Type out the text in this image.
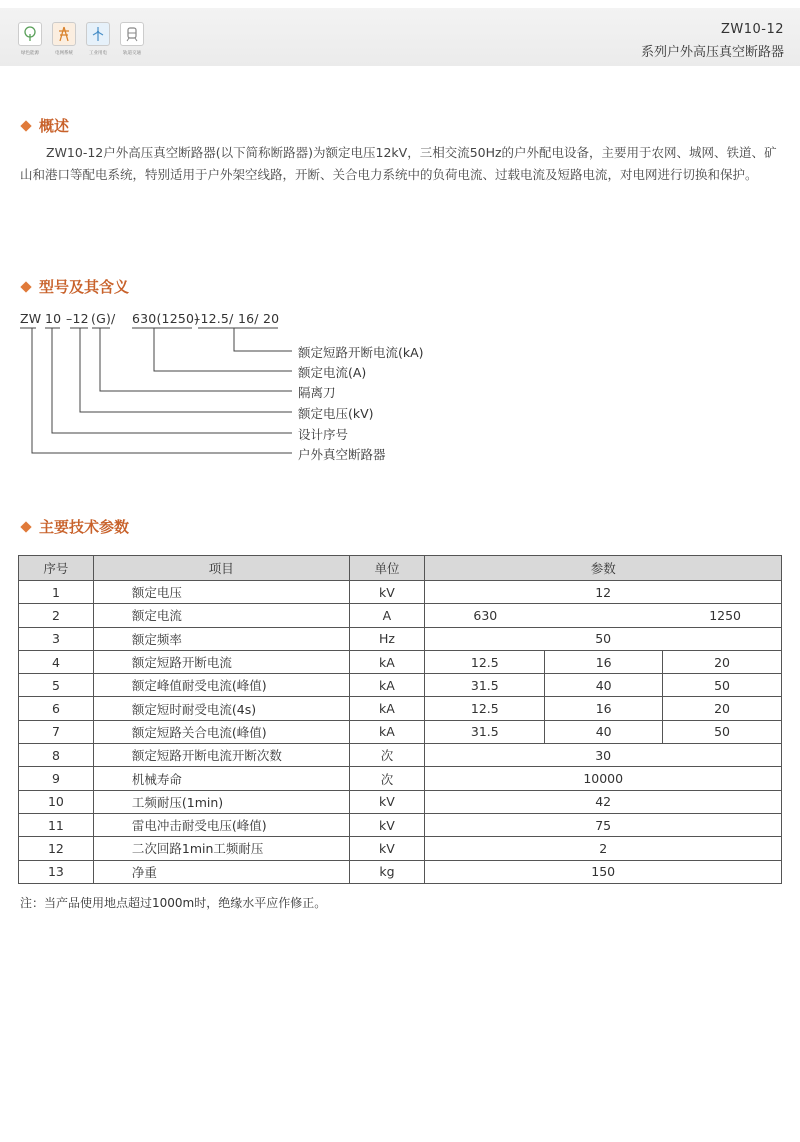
绿色能源	电网系统	工业用电	轨道交通
ZW10-12
系列户外高压真空断路器
概述
ZW10-12户外高压真空断路器(以下简称断路器)为额定电压12kV，三相交流50Hz的户外配电设备，主要用于农网、城网、铁道、矿山和港口等配电系统，特别适用于户外架空线路，开断、关合电力系统中的负荷电流、过载电流及短路电流，对电网进行切换和保护。
型号及其含义
ZW 10 –12 (G)/ 630(1250)
–12.5/ 16/ 20
额定短路开断电流(kA)
额定电流(A)
隔离刀
额定电压(kV)
设计序号
户外真空断路器
主要技术参数
序号	项目	单位	参数		
1	额定电压	kV	12		
2	额定电流	A	630		1250
3	额定频率	Hz	50		
4	额定短路开断电流	kA	12.5	16	20
5	额定峰值耐受电流(峰值)	kA	31.5	40	50
6	额定短时耐受电流(4s)	kA	12.5	16	20
7	额定短路关合电流(峰值)	kA	31.5	40	50
8	额定短路开断电流开断次数	次	30		
9	机械寿命	次	10000		
10	工频耐压(1min)	kV	42		
11	雷电冲击耐受电压(峰值)	kV	75		
12	二次回路1min工频耐压	kV	2		
13	净重	kg	150		
注：当产品使用地点超过1000m时，绝缘水平应作修正。
